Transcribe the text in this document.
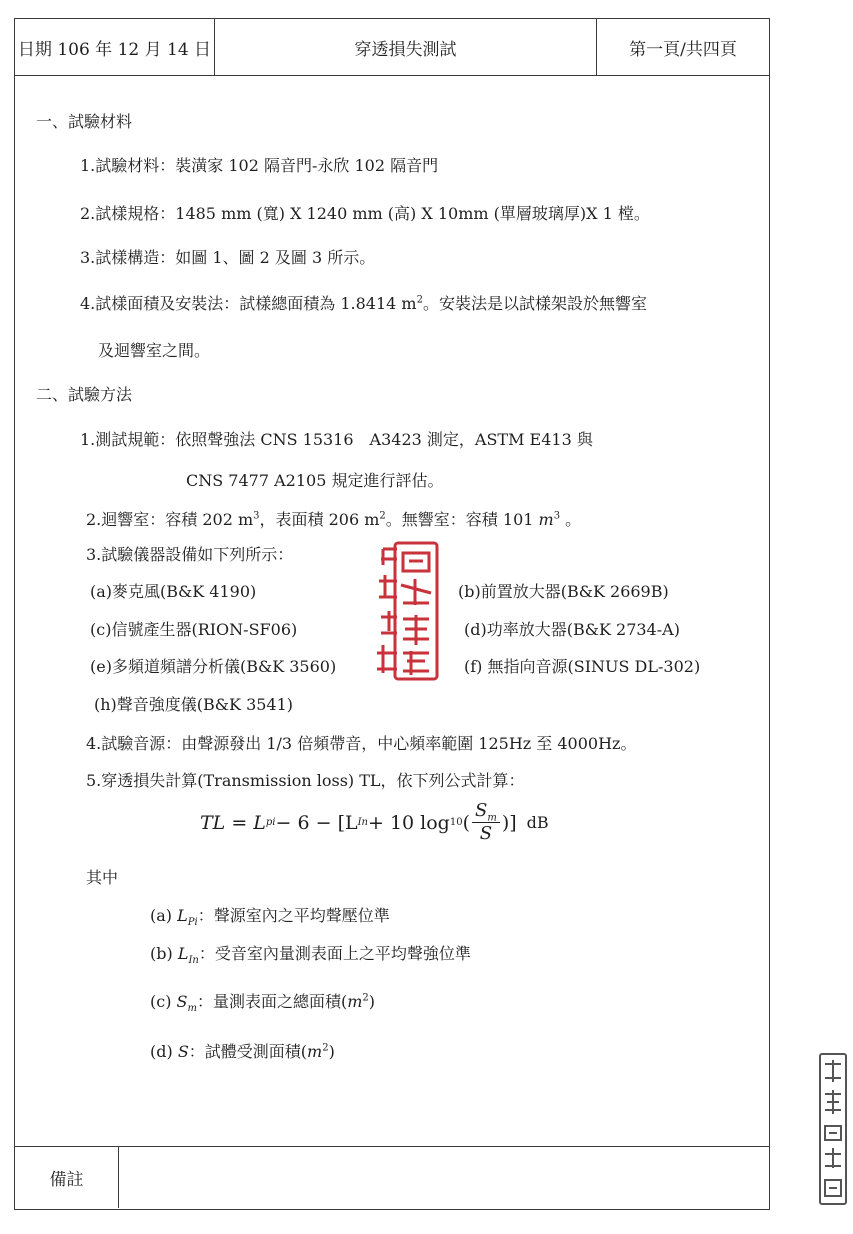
日期 106 年 12 月 14 日	穿透損失測試	第一頁/共四頁
備註
一、試驗材料
1.試驗材料：裝潢家 102 隔音門-永欣 102 隔音門
2.試樣規格：1485 mm (寬) X 1240 mm (高) X 10mm (單層玻璃厚)X 1 樘。
3.試樣構造：如圖 1、圖 2 及圖 3 所示。
4.試樣面積及安裝法：試樣總面積為 1.8414 $m^2$。安裝法是以試樣架設於無響室
及迴響室之間。
二、試驗方法
1.測試規範：依照聲強法 CNS 15316　A3423 測定，ASTM E413 與
CNS 7477 A2105 規定進行評估。
2.迴響室：容積 202 $m^3$，表面積 206 $m^2$。無響室：容積 101 $m^3$ 。
3.試驗儀器設備如下列所示：
(a)麥克風(B&K 4190)	(b)前置放大器(B&K 2669B)
(c)信號產生器(RION-SF06)	(d)功率放大器(B&K 2734-A)
(e)多頻道頻譜分析儀(B&K 3560)	(f) 無指向音源(SINUS DL-302)
(h)聲音強度儀(B&K 3541)
4.試驗音源：由聲源發出 1/3 倍頻帶音，中心頻率範圍 125Hz 至 4000Hz。
5.穿透損失計算(Transmission loss) TL，依下列公式計算：
TL = L pi − 6 − [L In + 10 log 10 ( $\frac{S_m}{S}$ )] dB
其中
(a) $L_{Pi}$：聲源室內之平均聲壓位準
(b) $L_{In}$：受音室內量測表面上之平均聲強位準
(c) $S_m$：量測表面之總面積$(m^2)$
(d) S：試體受測面積$(m^2)$
